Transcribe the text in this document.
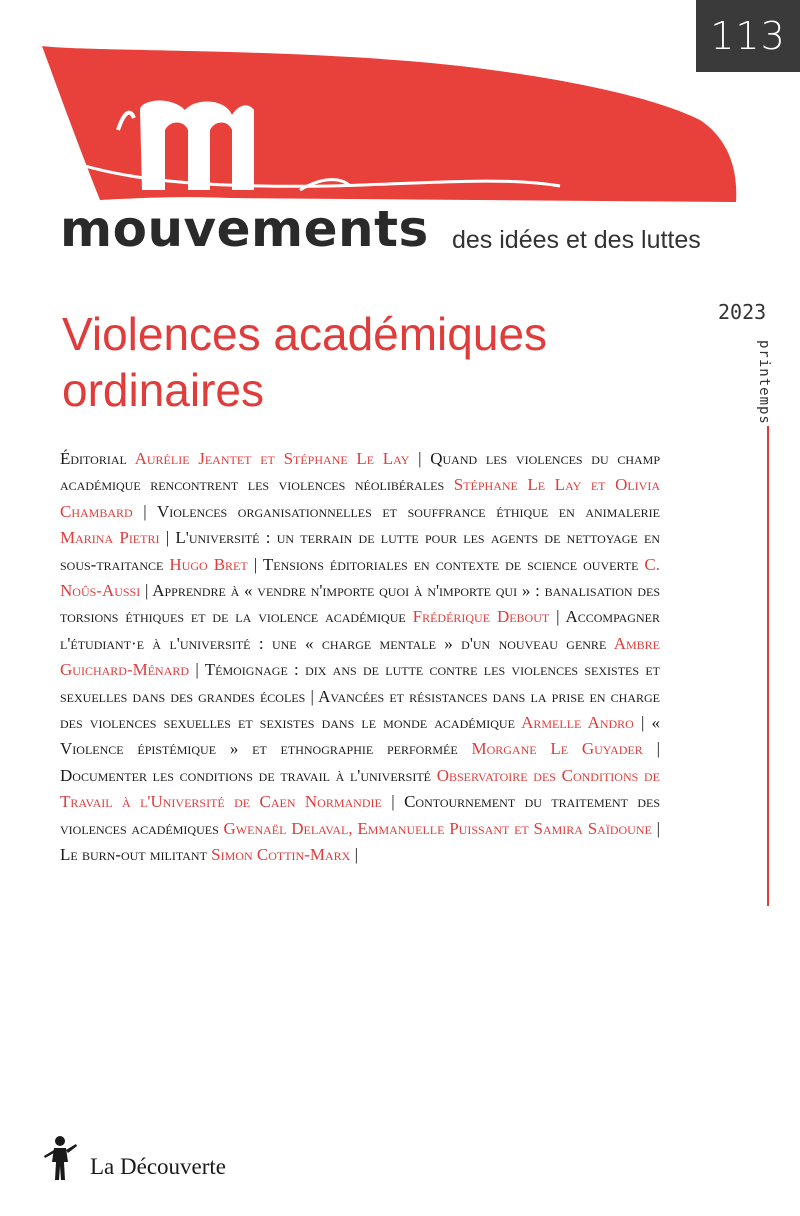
113
mouvements des idées et des luttes
2023
printemps
Violences académiques
ordinaires
Éditorial Aurélie Jeantet et Stéphane Le Lay | Quand les violences du champ académique rencontrent les violences néolibérales Stéphane Le Lay et Olivia Chambard | Violences organisationnelles et souffrance éthique en animalerie Marina Pietri | L'université : un terrain de lutte pour les agents de nettoyage en sous-traitance Hugo Bret | Tensions éditoriales en contexte de science ouverte C. Noûs-Aussi | Apprendre à « vendre n'importe quoi à n'importe qui » : banalisation des torsions éthiques et de la violence académique Frédérique Debout | Accompagner l'étudiant·e à l'université : une « charge mentale » d'un nouveau genre Ambre Guichard-Ménard | Témoignage : dix ans de lutte contre les violences sexistes et sexuelles dans des grandes écoles | Avancées et résistances dans la prise en charge des violences sexuelles et sexistes dans le monde académique Armelle Andro | « Violence épistémique » et ethnographie performée Morgane Le Guyader | Documenter les conditions de travail à l'université Observatoire des Conditions de Travail à l'Université de Caen Normandie | Contournement du traitement des violences académiques Gwenaël Delaval, Emmanuelle Puissant et Samira Saïdoune | Le burn-out militant Simon Cottin-Marx |
La Découverte
